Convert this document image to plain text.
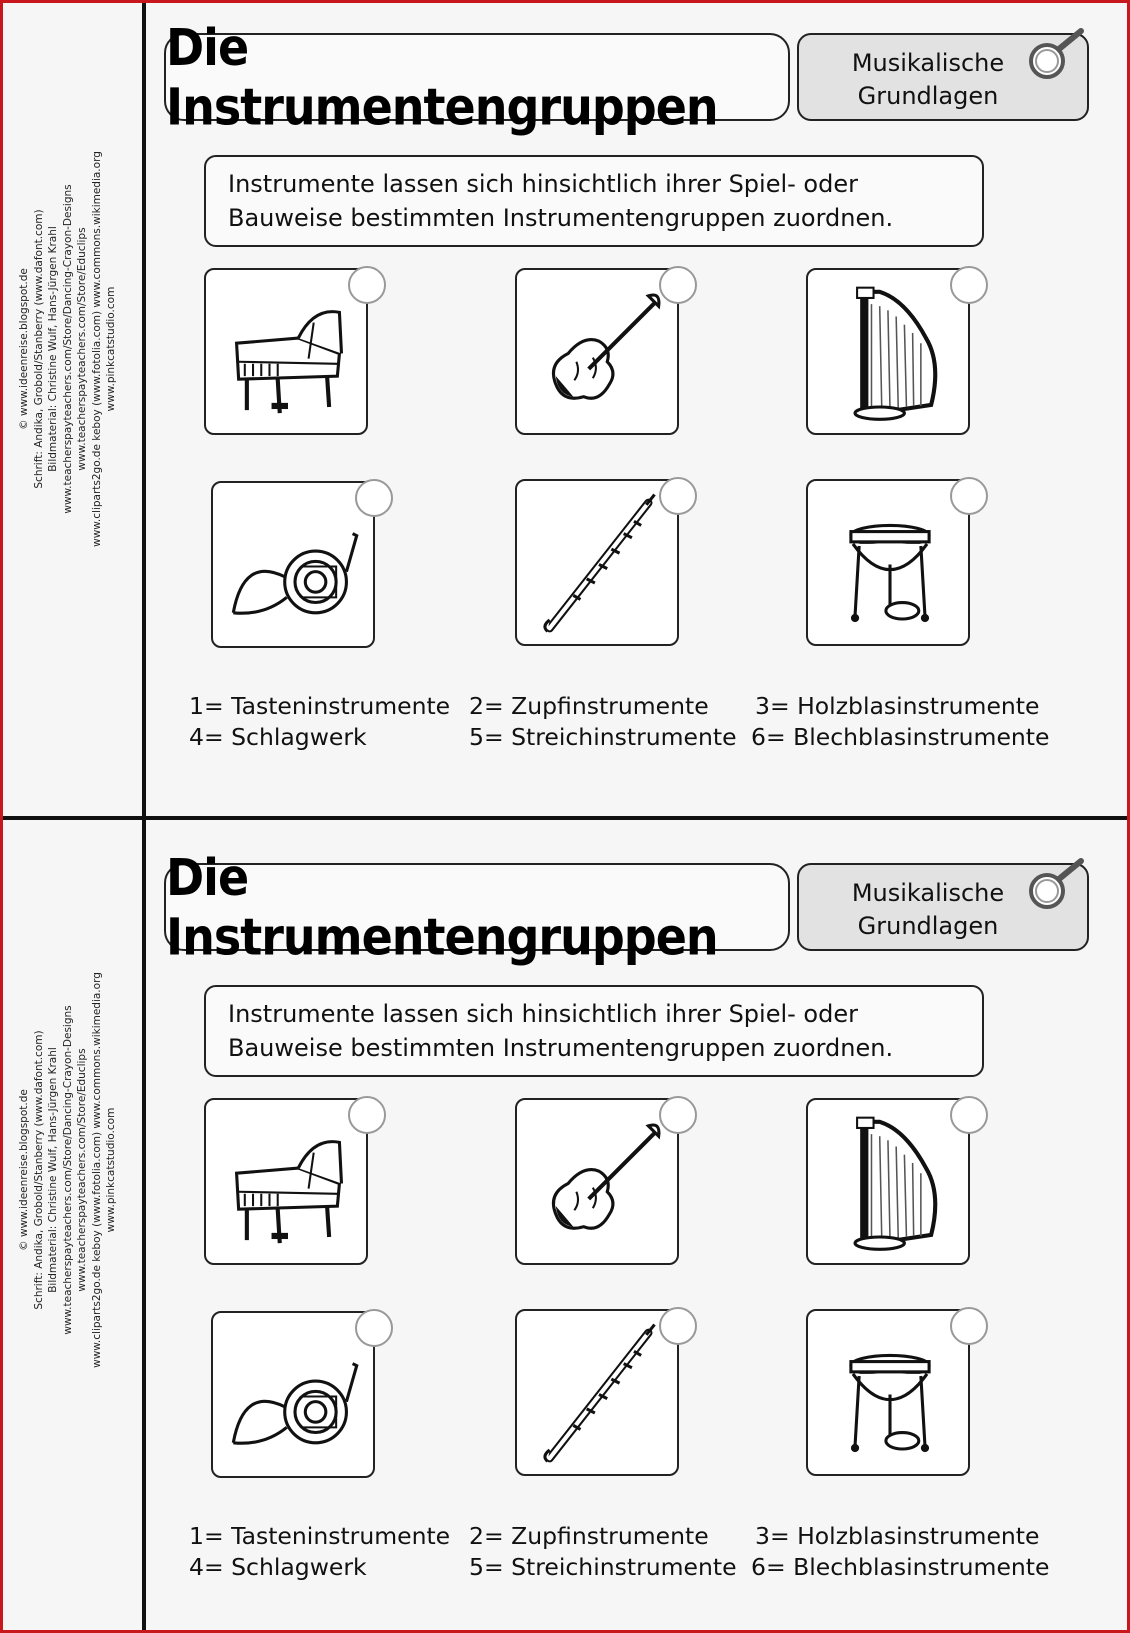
© www.ideenreise.blogspot.de Schrift: Andika, Grobold/Stanberry (www.dafont.com) Bildmaterial: Christine Wulf, Hans-Jürgen Krahl www.teacherspayteachers.com/Store/Dancing-Crayon-Designs www.teacherspayteachers.com/Store/Educlips www.cliparts2go.de keboy (www.fotolia.com) www.commons.wikimedia.org www.pinkcatstudio.com
Die Instrumentengruppen
Musikalische
Grundlagen
Instrumente lassen sich hinsichtlich ihrer Spiel- oder
Bauweise bestimmten Instrumentengruppen zuordnen.
1= Tasteninstrumente 2= Zupfinstrumente 3= Holzblasinstrumente
4= Schlagwerk	5= Streichinstrumente 6= Blechblasinstrumente
© www.ideenreise.blogspot.de Schrift: Andika, Grobold/Stanberry (www.dafont.com) Bildmaterial: Christine Wulf, Hans-Jürgen Krahl www.teacherspayteachers.com/Store/Dancing-Crayon-Designs www.teacherspayteachers.com/Store/Educlips www.cliparts2go.de keboy (www.fotolia.com) www.commons.wikimedia.org www.pinkcatstudio.com
Die Instrumentengruppen
Musikalische
Grundlagen
Instrumente lassen sich hinsichtlich ihrer Spiel- oder
Bauweise bestimmten Instrumentengruppen zuordnen.
1= Tasteninstrumente 2= Zupfinstrumente 3= Holzblasinstrumente
4= Schlagwerk	5= Streichinstrumente 6= Blechblasinstrumente
